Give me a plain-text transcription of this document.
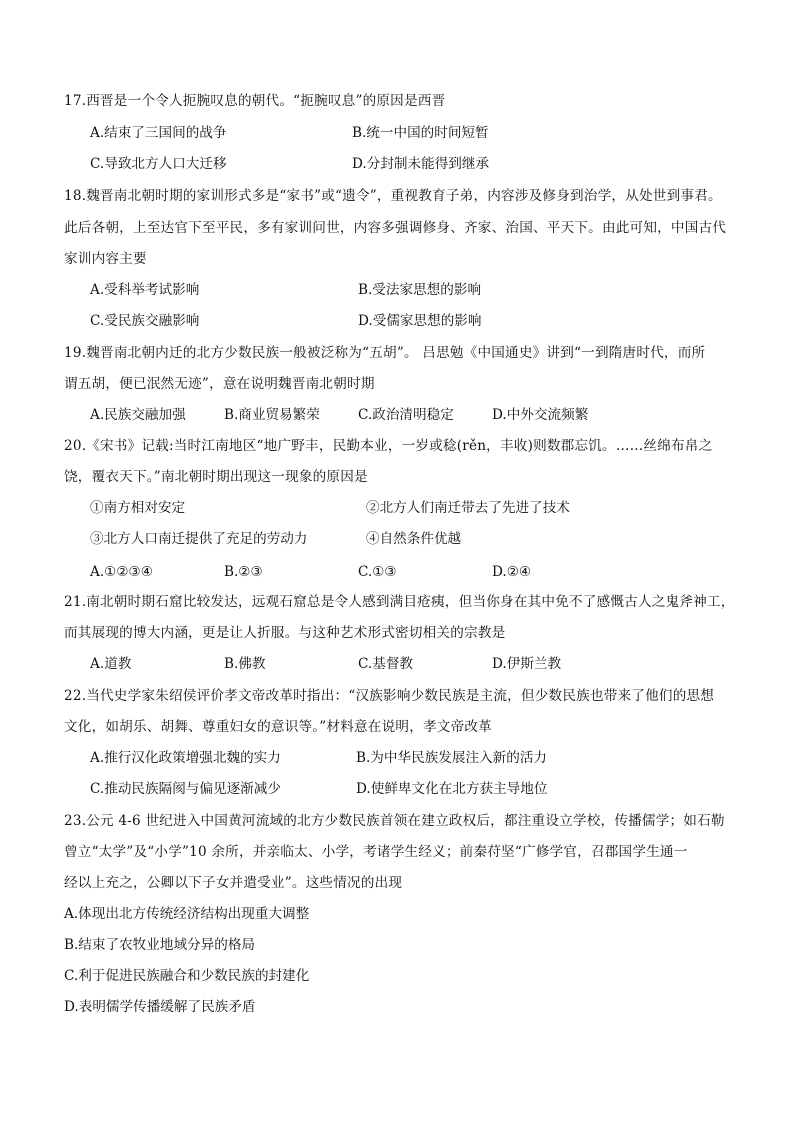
17.西晋是一个令人扼腕叹息的朝代。“扼腕叹息”的原因是西晋
A.结束了三国间的战争	B.统一中国的时间短暂
C.导致北方人口大迁移	D.分封制未能得到继承
18.魏晋南北朝时期的家训形式多是“家书”或“遗令”，重视教育子弟，内容涉及修身到治学，从处世到事君。
此后各朝，上至达官下至平民，多有家训问世，内容多强调修身、齐家、治国、平天下。由此可知，中国古代
家训内容主要
A.受科举考试影响	B.受法家思想的影响
C.受民族交融影响	D.受儒家思想的影响
19.魏晋南北朝内迁的北方少数民族一般被泛称为“五胡”。 吕思勉《中国通史》讲到“一到隋唐时代，而所
谓五胡，便已泯然无迹”，意在说明魏晋南北朝时期
A.民族交融加强	B.商业贸易繁荣	C.政治清明稳定	D.中外交流频繁
20.《宋书》记载:当时江南地区“地广野丰，民勤本业，一岁或稔(rěn，丰收)则数郡忘饥。……丝绵布帛之
饶，覆衣天下。”南北朝时期出现这一现象的原因是
①南方相对安定	②北方人们南迁带去了先进了技术
③北方人口南迁提供了充足的劳动力	④自然条件优越
A.①②③④	B.②③	C.①③	D.②④
21.南北朝时期石窟比较发达，远观石窟总是令人感到满目疮痍，但当你身在其中免不了感慨古人之鬼斧神工，
而其展现的博大内涵，更是让人折服。与这种艺术形式密切相关的宗教是
A.道教	B.佛教	C.基督教	D.伊斯兰教
22.当代史学家朱绍侯评价孝文帝改革时指出：“汉族影响少数民族是主流，但少数民族也带来了他们的思想
文化，如胡乐、胡舞、尊重妇女的意识等。”材料意在说明，孝文帝改革
A.推行汉化政策增强北魏的实力	B.为中华民族发展注入新的活力
C.推动民族隔阂与偏见逐渐减少	D.使鲜卑文化在北方获主导地位
23.公元 4-6 世纪进入中国黄河流域的北方少数民族首领在建立政权后，都注重设立学校，传播儒学；如石勒
曾立“太学”及“小学”10 余所，并亲临太、小学，考诸学生经义；前秦苻坚“广修学官，召郡国学生通一
经以上充之，公卿以下子女并遣受业”。这些情况的出现
A.体现出北方传统经济结构出现重大调整
B.结束了农牧业地域分异的格局
C.利于促进民族融合和少数民族的封建化
D.表明儒学传播缓解了民族矛盾
